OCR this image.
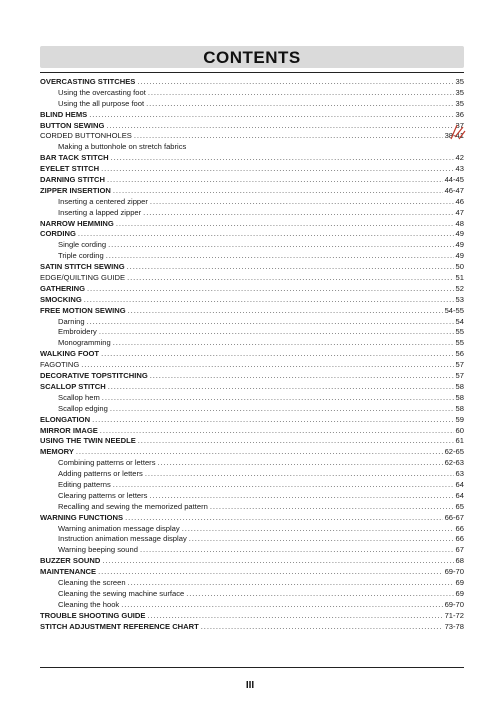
CONTENTS
OVERCASTING STITCHES . . .	35
Using the overcasting foot . . .	35
Using the all purpose foot . . .	35
BLIND HEMS . . .	36
BUTTON SEWING . . .	37
CORDED BUTTONHOLES . . .	38-41
Making a buttonhole on stretch fabrics
BAR TACK STITCH . . .	42
EYELET STITCH . . .	43
DARNING STITCH . . .	44-45
ZIPPER INSERTION . . .	46-47
Inserting a centered zipper . . .	46
Inserting a lapped zipper . . .	47
NARROW HEMMING . . .	48
CORDING . . .	49
Single cording . . .	49
Triple cording . . .	49
SATIN STITCH SEWING . . .	50
EDGE/QUILTING GUIDE . . .	51
GATHERING . . .	52
SMOCKING . . .	53
FREE MOTION SEWING . . .	54-55
Darning . . .	54
Embroidery . . .	55
Monogramming . . .	55
WALKING FOOT . . .	56
FAGOTING . . .	57
DECORATIVE TOPSTITCHING . . .	57
SCALLOP STITCH . . .	58
Scallop hem . . .	58
Scallop edging . . .	58
ELONGATION . . .	59
MIRROR IMAGE . . .	60
USING THE TWIN NEEDLE . . .	61
MEMORY . . .	62-65
Combining patterns or letters . . .	62-63
Adding patterns or letters . . .	63
Editing patterns . . .	64
Clearing patterns or letters . . .	64
Recalling and sewing the memorized pattern . . .	65
WARNING FUNCTIONS . . .	66-67
Warning animation message display . . .	66
Instruction animation message display . . .	66
Warning beeping sound . . .	67
BUZZER SOUND . . .	68
MAINTENANCE . . .	69-70
Cleaning the screen . . .	69
Cleaning the sewing machine surface . . .	69
Cleaning the hook . . .	69-70
TROUBLE SHOOTING GUIDE . . .	71-72
STITCH ADJUSTMENT REFERENCE CHART . . .	73-78
III
